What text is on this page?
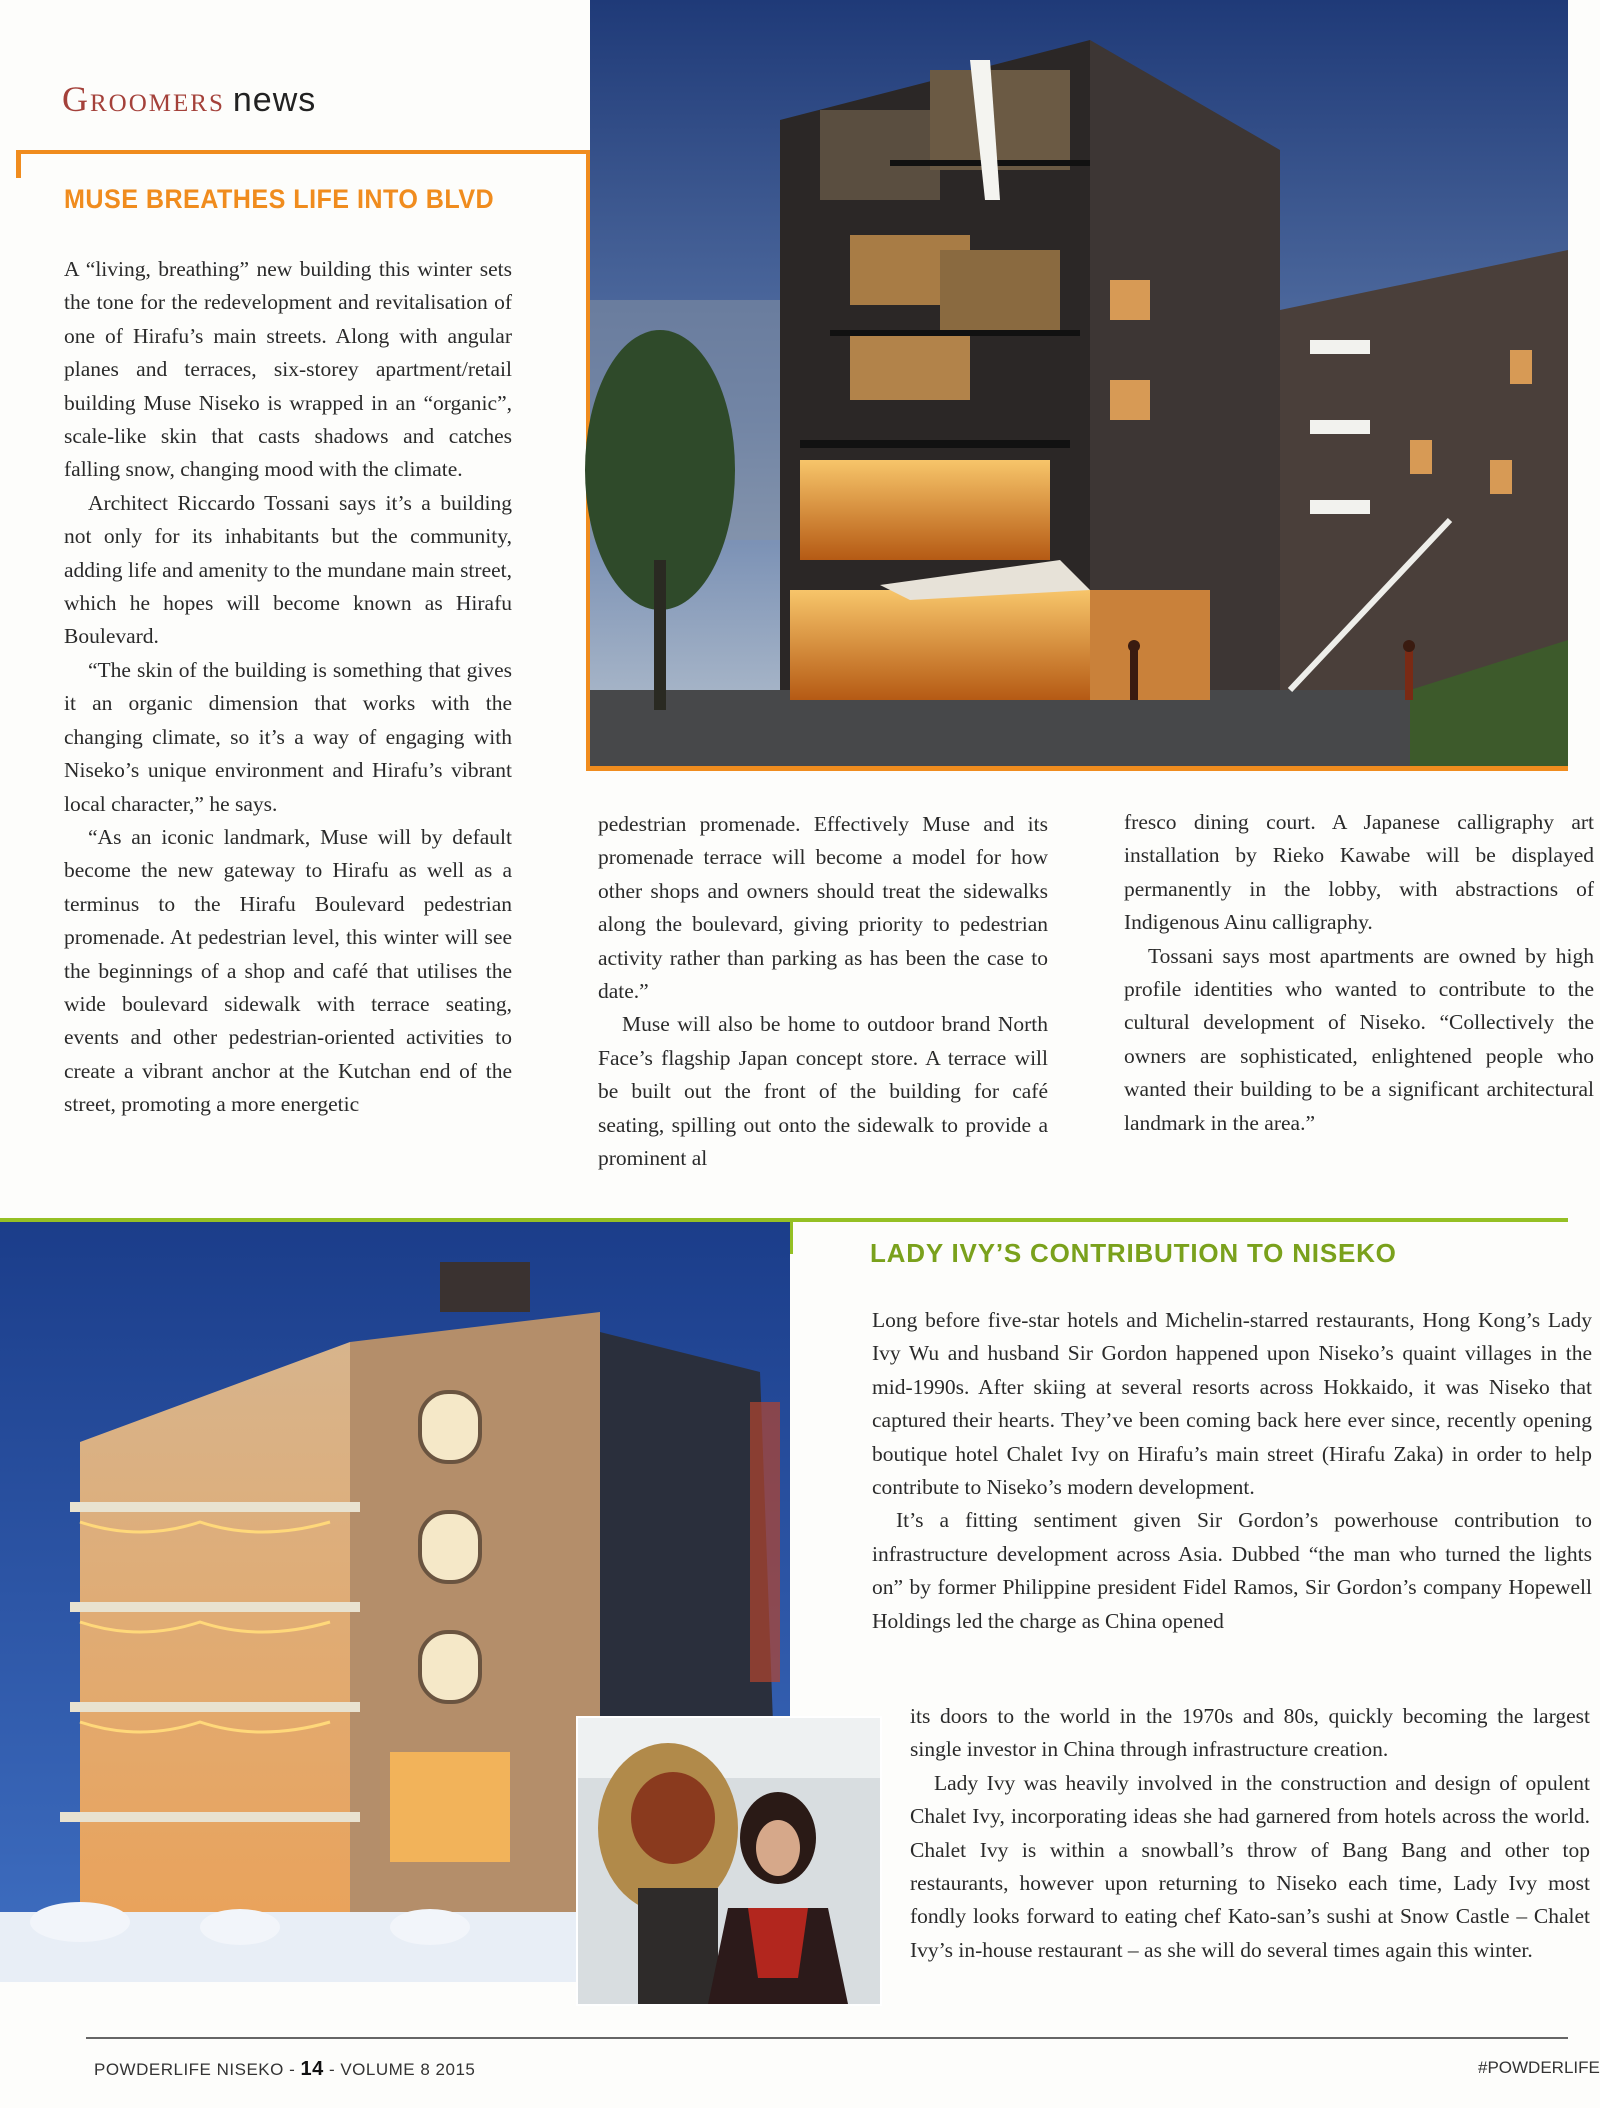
Groomers news
MUSE BREATHES LIFE INTO BLVD

A “living, breathing” new building this winter sets the tone for the redevelopment and revitalisation of one of Hirafu’s main streets. Along with angular planes and terraces, six-storey apartment/retail building Muse Niseko is wrapped in an “organic”, scale-like skin that casts shadows and catches falling snow, changing mood with the climate.

Architect Riccardo Tossani says it’s a building not only for its inhabitants but the community, adding life and amenity to the mundane main street, which he hopes will become known as Hirafu Boulevard.

“The skin of the building is something that gives it an organic dimension that works with the changing climate, so it’s a way of engaging with Niseko’s unique environment and Hirafu’s vibrant local character,” he says.

“As an iconic landmark, Muse will by default become the new gateway to Hirafu as well as a terminus to the Hirafu Boulevard pedestrian promenade. At pedestrian level, this winter will see the beginnings of a shop and café that utilises the wide boulevard sidewalk with terrace seating, events and other pedestrian-oriented activities to create a vibrant anchor at the Kutchan end of the street, promoting a more energetic

pedestrian promenade. Effectively Muse and its promenade terrace will become a model for how other shops and owners should treat the sidewalks along the boulevard, giving priority to pedestrian activity rather than parking as has been the case to date.”

Muse will also be home to outdoor brand North Face’s flagship Japan concept store. A terrace will be built out the front of the building for café seating, spilling out onto the sidewalk to provide a prominent al

fresco dining court. A Japanese calligraphy art installation by Rieko Kawabe will be displayed permanently in the lobby, with abstractions of Indigenous Ainu calligraphy.

Tossani says most apartments are owned by high profile identities who wanted to contribute to the cultural development of Niseko. “Collectively the owners are sophisticated, enlightened people who wanted their building to be a significant architectural landmark in the area.”

LADY IVY’S CONTRIBUTION TO NISEKO

Long before five-star hotels and Michelin-starred restaurants, Hong Kong’s Lady Ivy Wu and husband Sir Gordon happened upon Niseko’s quaint villages in the mid-1990s. After skiing at several resorts across Hokkaido, it was Niseko that captured their hearts. They’ve been coming back here ever since, recently opening boutique hotel Chalet Ivy on Hirafu’s main street (Hirafu Zaka) in order to help contribute to Niseko’s modern development.

It’s a fitting sentiment given Sir Gordon’s powerhouse contribution to infrastructure development across Asia. Dubbed “the man who turned the lights on” by former Philippine president Fidel Ramos, Sir Gordon’s company Hopewell Holdings led the charge as China opened

its doors to the world in the 1970s and 80s, quickly becoming the largest single investor in China through infrastructure creation.

Lady Ivy was heavily involved in the construction and design of opulent Chalet Ivy, incorporating ideas she had garnered from hotels across the world. Chalet Ivy is within a snowball’s throw of Bang Bang and other top restaurants, however upon returning to Niseko each time, Lady Ivy most fondly looks forward to eating chef Kato-san’s sushi at Snow Castle – Chalet Ivy’s in-house restaurant – as she will do several times again this winter.

POWDERLIFE NISEKO - 14 - VOLUME 8 2015	#POWDERLIFE
